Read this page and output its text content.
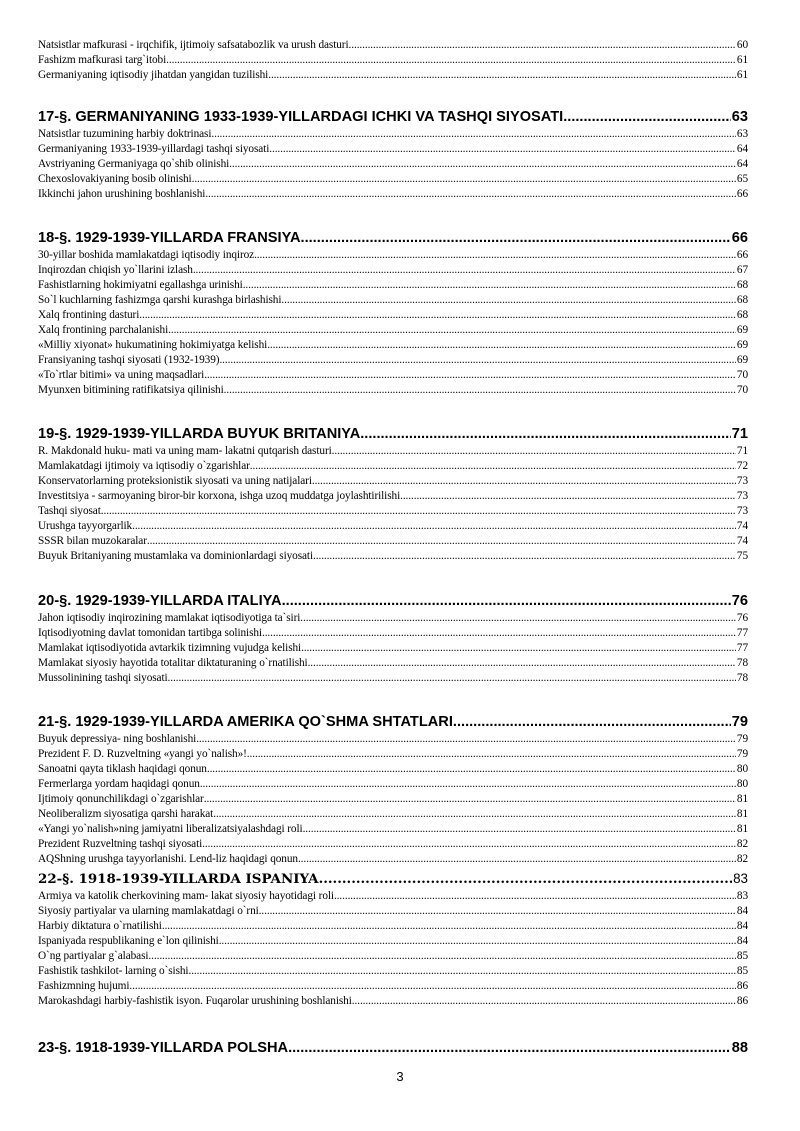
Natsistlar mafkurasi - irqchifik, ijtimoiy safsatabozlik va urush dasturi .....	60
Fashizm mafkurasi targ`itobi .....	61
Germaniyaning iqtisodiy jihatdan yangidan tuzilishi .....	61
17-§. GERMANIYANING 1933-1939-YILLARDAGI ICHKI VA TASHQI SIYOSATI .....	63
Natsistlar tuzumining harbiy doktrinasi .....	63
Germaniyaning 1933-1939-yillardagi tashqi siyosati .....	64
Avstriyaning Germaniyaga qo`shib olinishi .....	64
Chexoslovakiyaning bosib olinishi .....	65
Ikkinchi jahon urushining boshlanishi .....	66
18-§. 1929-1939-YILLARDA FRANSIYA .....	66
30-yillar boshida mamlakatdagi iqtisodiy inqiroz .....	66
Inqirozdan chiqish yo`llarini izlash .....	67
Fashistlarning hokimiyatni egallashga urinishi .....	68
So`l kuchlarning fashizmga qarshi kurashga birlashishi .....	68
Xalq frontining dasturi .....	68
Xalq frontining parchalanishi .....	69
«Milliy xiyonat» hukumatining hokimiyatga kelishi .....	69
Fransiyaning tashqi siyosati (1932-1939) .....	69
«To`rtlar bitimi» va uning maqsadlari .....	70
Myunxen bitimining ratifikatsiya qilinishi .....	70
19-§. 1929-1939-YILLARDA BUYUK BRITANIYA .....	71
R. Makdonald huku- mati va uning mam- lakatni qutqarish dasturi .....	71
Mamlakatdagi ijtimoiy va iqtisodiy o`zgarishlar .....	72
Konservatorlarning proteksionistik siyosati va uning natijalari .....	73
Investitsiya - sarmoyaning biror-bir korxona, ishga uzoq muddatga joylashtirilishi .....	73
Tashqi siyosat .....	73
Urushga tayyorgarlik .....	74
SSSR bilan muzokaralar .....	74
Buyuk Britaniyaning mustamlaka va dominionlardagi siyosati .....	75
20-§. 1929-1939-YILLARDA ITALIYA .....	76
Jahon iqtisodiy inqirozining mamlakat iqtisodiyotiga ta`siri .....	76
Iqtisodiyotning davlat tomonidan tartibga solinishi .....	77
Mamlakat iqtisodiyotida avtarkik tizimning vujudga kelishi .....	77
Mamlakat siyosiy hayotida totalitar diktaturaning o`rnatilishi .....	78
Mussolinining tashqi siyosati .....	78
21-§. 1929-1939-YILLARDA AMERIKA QO`SHMA SHTATLARI .....	79
Buyuk depressiya- ning boshlanishi .....	79
Prezident F. D. Ruzveltning «yangi yo`nalish»! .....	79
Sanoatni qayta tiklash haqidagi qonun .....	80
Fermerlarga yordam haqidagi qonun .....	80
Ijtimoiy qonunchilikdagi o`zgarishlar .....	81
Neoliberalizm siyosatiga qarshi harakat .....	81
«Yangi yo`nalish»ning jamiyatni liberalizatsiyalashdagi roli .....	81
Prezident Ruzveltning tashqi siyosati .....	82
AQShning urushga tayyorlanishi. Lend-liz haqidagi qonun .....	82
22-§. 1918-1939-YILLARDA ISPANIYA .....	83
Armiya va katolik cherkovining mam- lakat siyosiy hayotidagi roli .....	83
Siyosiy partiyalar va ularning mamlakatdagi o`rni .....	84
Harbiy diktatura o`rnatilishi .....	84
Ispaniyada respublikaning e`lon qilinishi .....	84
O`ng partiyalar g`alabasi .....	85
Fashistik tashkilot- larning o`sishi .....	85
Fashizmning hujumi .....	86
Marokashdagi harbiy-fashistik isyon. Fuqarolar urushining boshlanishi .....	86
23-§. 1918-1939-YILLARDA POLSHA .....	88
3
